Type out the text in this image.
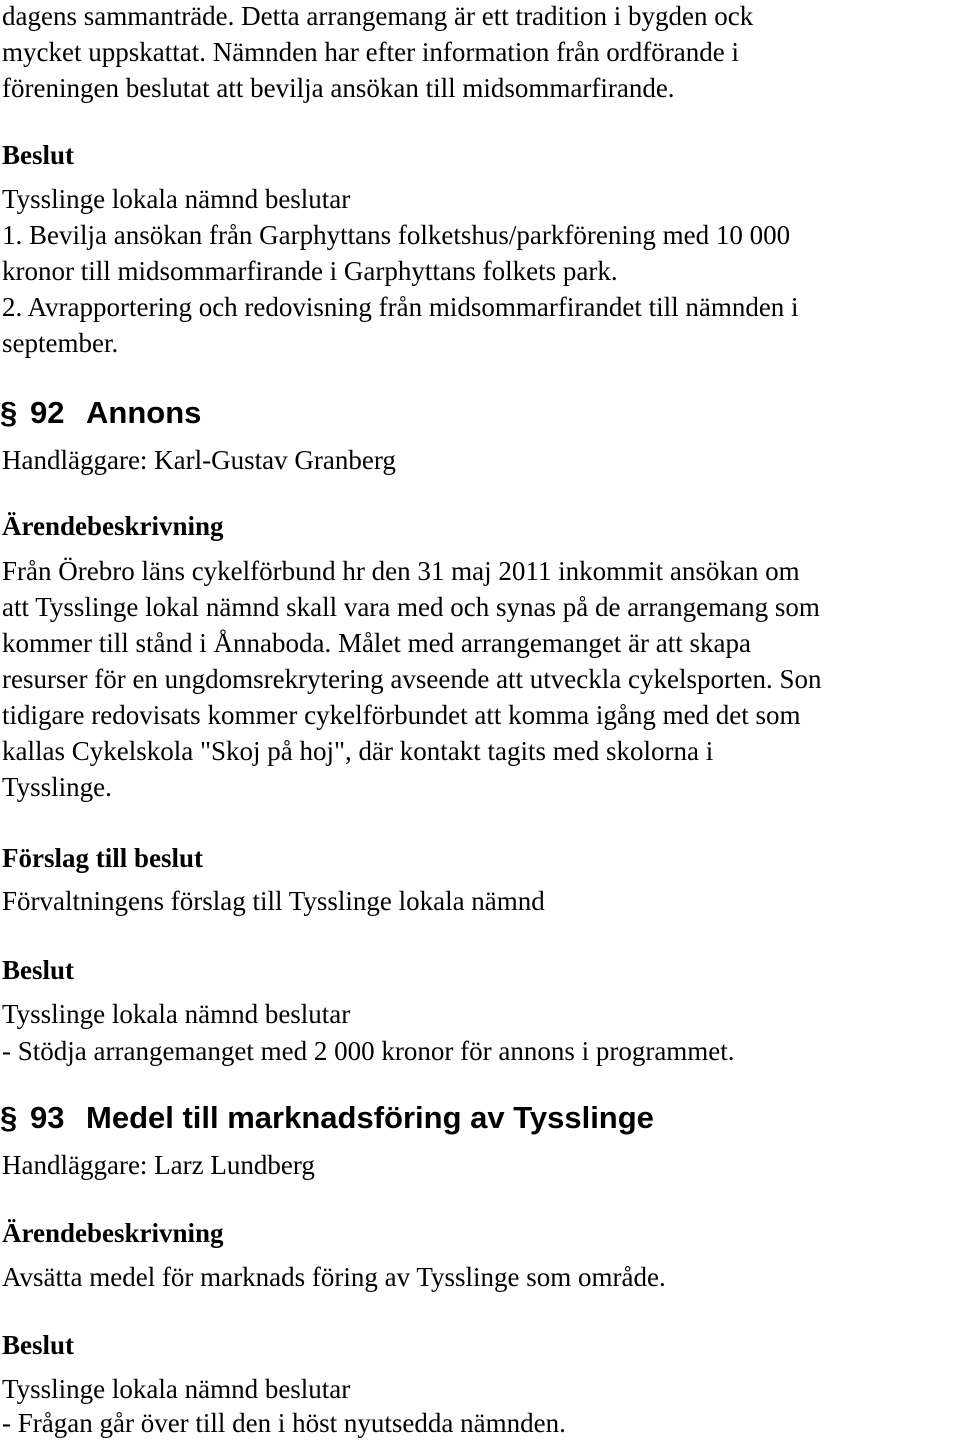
dagens sammanträde. Detta arrangemang är ett tradition i bygden ock

mycket uppskattat. Nämnden har efter information från ordförande i

föreningen beslutat att bevilja ansökan till midsommarfirande.

Beslut

Tysslinge lokala nämnd beslutar

1. Bevilja ansökan från Garphyttans folketshus/parkförening med 10 000

kronor till midsommarfirande i Garphyttans folkets park.

2. Avrapportering och redovisning från midsommarfirandet till nämnden i

september.

§ 92 Annons

Handläggare: Karl-Gustav Granberg

Ärendebeskrivning

Från Örebro läns cykelförbund hr den 31 maj 2011 inkommit ansökan om

att Tysslinge lokal nämnd skall vara med och synas på de arrangemang som

kommer till stånd i Ånnaboda. Målet med arrangemanget är att skapa

resurser för en ungdomsrekrytering avseende att utveckla cykelsporten. Son

tidigare redovisats kommer cykelförbundet att komma igång med det som

kallas Cykelskola "Skoj på hoj", där kontakt tagits med skolorna i

Tysslinge.

Förslag till beslut

Förvaltningens förslag till Tysslinge lokala nämnd

Beslut

Tysslinge lokala nämnd beslutar

- Stödja arrangemanget med 2 000 kronor för annons i programmet.

§ 93 Medel till marknadsföring av Tysslinge

Handläggare: Larz Lundberg

Ärendebeskrivning

Avsätta medel för marknads föring av Tysslinge som område.

Beslut

Tysslinge lokala nämnd beslutar

- Frågan går över till den i höst nyutsedda nämnden.
